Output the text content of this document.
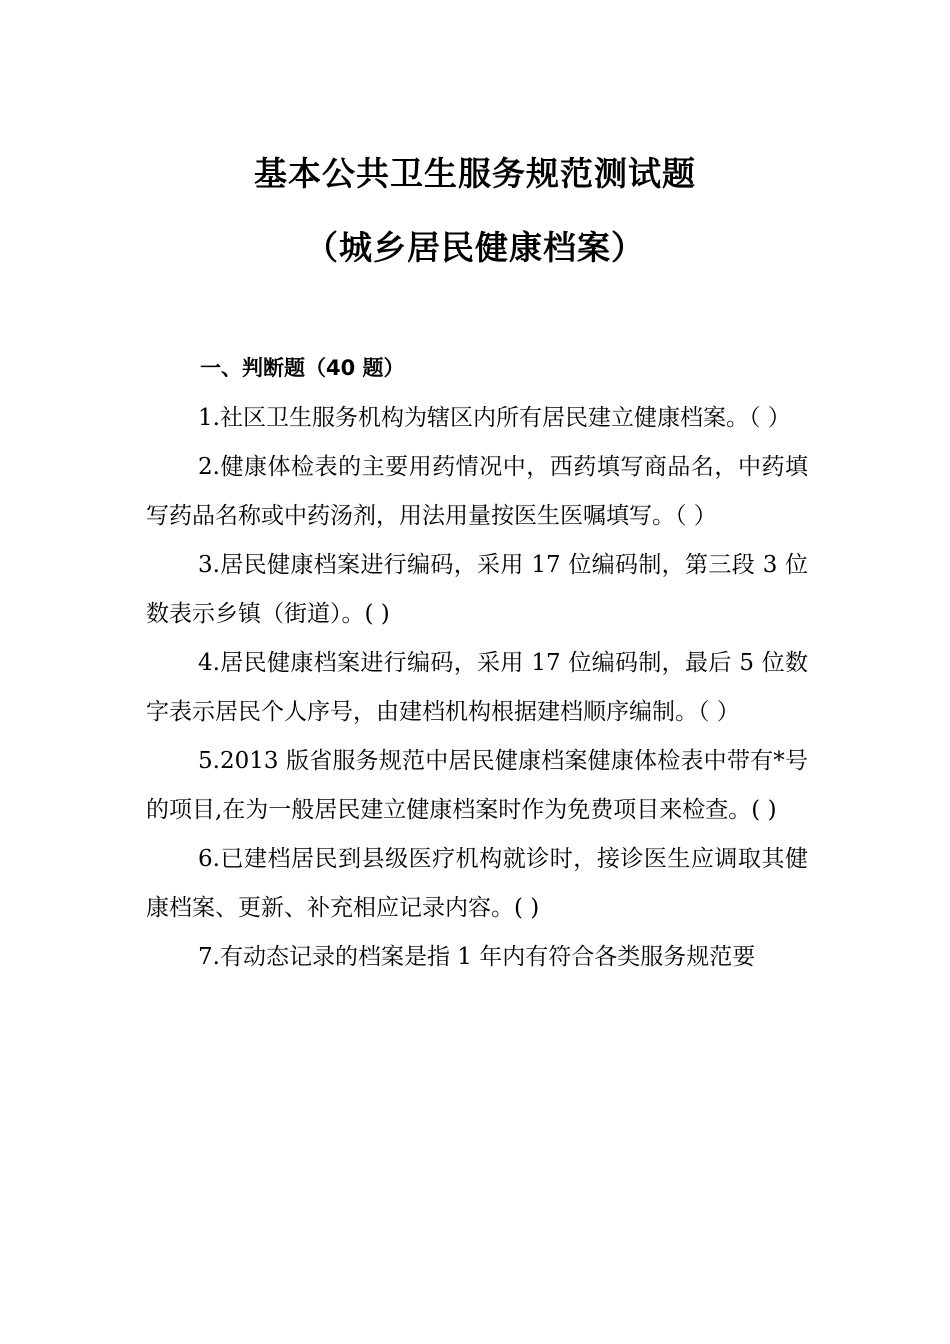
基本公共卫生服务规范测试题
（城乡居民健康档案）
一、判断题（40 题）

1.社区卫生服务机构为辖区内所有居民建立健康档案。（ ）

2.健康体检表的主要用药情况中，西药填写商品名，中药填写药品名称或中药汤剂，用法用量按医生医嘱填写。（ ）

3.居民健康档案进行编码，采用 17 位编码制，第三段 3 位数表示乡镇（街道）。( )

4.居民健康档案进行编码，采用 17 位编码制，最后 5 位数字表示居民个人序号，由建档机构根据建档顺序编制。（ ）

5.2013 版省服务规范中居民健康档案健康体检表中带有*号的项目,在为一般居民建立健康档案时作为免费项目来检查。( )

6.已建档居民到县级医疗机构就诊时，接诊医生应调取其健康档案、更新、补充相应记录内容。( )

7.有动态记录的档案是指 1 年内有符合各类服务规范要
